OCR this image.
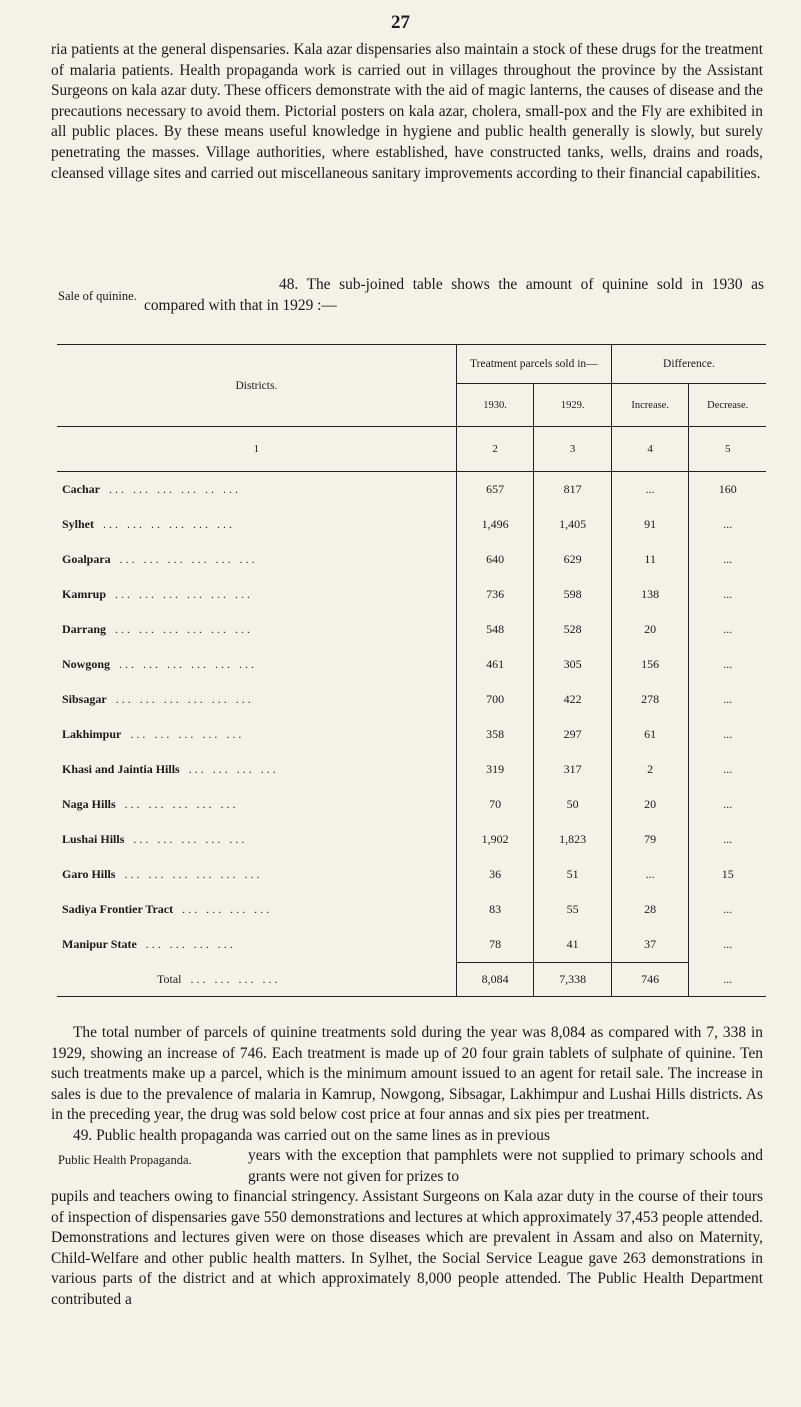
27

ria patients at the general dispensaries. Kala azar dispensaries also maintain a stock of these drugs for the treatment of malaria patients. Health propaganda work is carried out in villages throughout the province by the Assistant Surgeons on kala azar duty. These officers demonstrate with the aid of magic lanterns, the causes of disease and the precautions necessary to avoid them. Pictorial posters on kala azar, cholera, small-pox and the Fly are exhibited in all public places. By these means useful knowledge in hygiene and public health generally is slowly, but surely penetrating the masses. Village authorities, where established, have constructed tanks, wells, drains and roads, cleansed village sites and carried out miscellaneous sanitary improvements according to their financial capabilities.

Sale of quinine.

48. The sub-joined table shows the amount of quinine sold in 1930 as compared with that in 1929 :—

Districts.	Treatment parcels sold in—		Difference.	
	1930.	1929.	Increase.	Decrease.
1	2	3	4	5
Cachar ... ... ... ... .. ...	657	817	...	160
Sylhet ... ... .. ... ... ...	1,496	1,405	91	...
Goalpara ... ... ... ... ... ...	640	629	11	...
Kamrup ... ... ... ... ... ...	736	598	138	...
Darrang ... ... ... ... ... ...	548	528	20	...
Nowgong ... ... ... ... ... ...	461	305	156	...
Sibsagar ... ... ... ... ... ...	700	422	278	...
Lakhimpur ... ... ... ... ...	358	297	61	...
Khasi and Jaintia Hills ... ... ... ...	319	317	2	...
Naga Hills ... ... ... ... ...	70	50	20	...
Lushai Hills ... ... ... ... ...	1,902	1,823	79	...
Garo Hills ... ... ... ... ... ...	36	51	...	15
Sadiya Frontier Tract ... ... ... ...	83	55	28	...
Manipur State ... ... ... ...	78	41	37	...
Total ... ... ... ...	8,084	7,338	746	...

The total number of parcels of quinine treatments sold during the year was 8,084 as compared with 7, 338 in 1929, showing an increase of 746. Each treatment is made up of 20 four grain tablets of sulphate of quinine. Ten such treatments make up a parcel, which is the minimum amount issued to an agent for retail sale. The increase in sales is due to the prevalence of malaria in Kamrup, Nowgong, Sibsagar, Lakhimpur and Lushai Hills districts. As in the preceding year, the drug was sold below cost price at four annas and six pies per treatment.

49. Public health propaganda was carried out on the same lines as in previous

Public Health Propaganda.	years with the exception that pamphlets were not supplied to primary schools and grants were not given for prizes to

pupils and teachers owing to financial stringency. Assistant Surgeons on Kala azar duty in the course of their tours of inspection of dispensaries gave 550 demonstrations and lectures at which approximately 37,453 people attended. Demonstrations and lectures given were on those diseases which are prevalent in Assam and also on Maternity, Child-Welfare and other public health matters. In Sylhet, the Social Service League gave 263 demonstrations in various parts of the district and at which approximately 8,000 people attended. The Public Health Department contributed a
